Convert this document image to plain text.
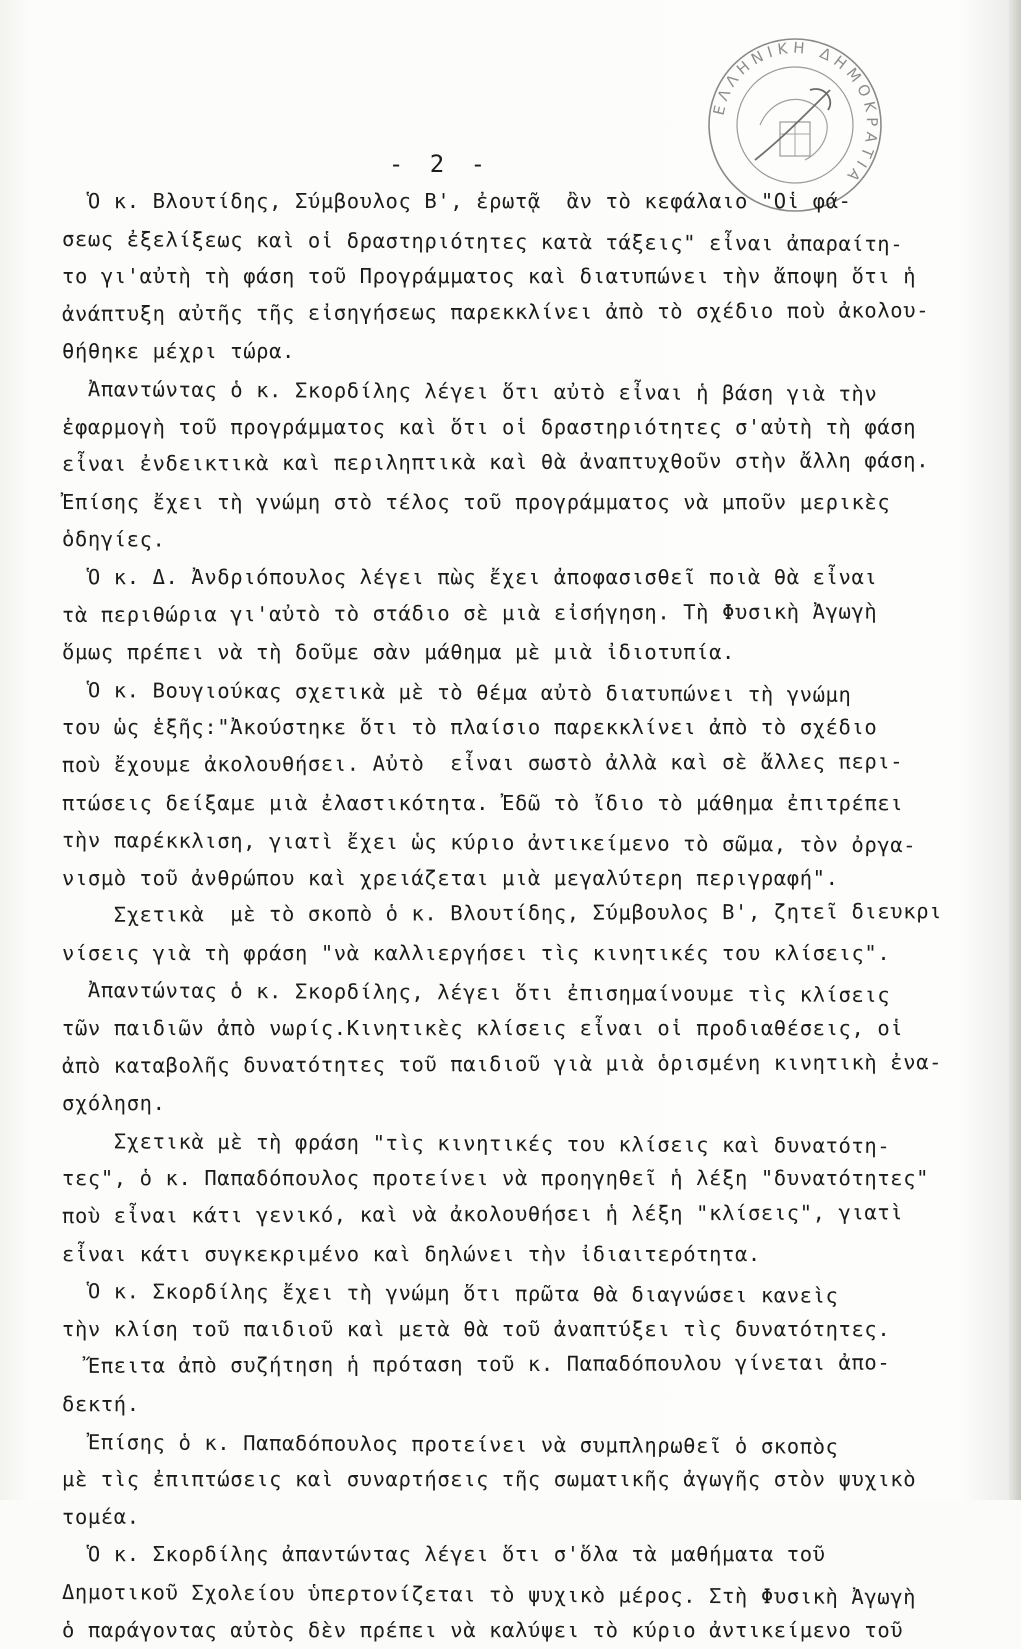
ΕΛΛΗΝΙΚΗ ΔΗΜΟΚΡΑΤΙΑ
- 2 -
Ὁ κ. Βλουτίδης, Σύμβουλος Β', ἐρωτᾷ  ἂν τὸ κεφάλαιο "Οἱ φά-
σεως ἐξελίξεως καὶ οἱ δραστηριότητες κατὰ τάξεις" εἶναι ἀπαραίτη-
το γι'αὐτὴ τὴ φάση τοῦ Προγράμματος καὶ διατυπώνει τὴν ἄποψη ὅτι ἡ
ἀνάπτυξη αὐτῆς τῆς εἰσηγήσεως παρεκκλίνει ἀπὸ τὸ σχέδιο ποὺ ἀκολου-
θήθηκε μέχρι τώρα.
Ἀπαντώντας ὁ κ. Σκορδίλης λέγει ὅτι αὐτὸ εἶναι ἡ βάση γιὰ τὴν
ἐφαρμογὴ τοῦ προγράμματος καὶ ὅτι οἱ δραστηριότητες σ'αὐτὴ τὴ φάση
εἶναι ἐνδεικτικὰ καὶ περιληπτικὰ καὶ θὰ ἀναπτυχθοῦν στὴν ἄλλη φάση.
Ἐπίσης ἔχει τὴ γνώμη στὸ τέλος τοῦ προγράμματος νὰ μποῦν μερικὲς
ὁδηγίες.
Ὁ κ. Δ. Ἀνδριόπουλος λέγει πὼς ἔχει ἀποφασισθεῖ ποιὰ θὰ εἶναι
τὰ περιθώρια γι'αὐτὸ τὸ στάδιο σὲ μιὰ εἰσήγηση. Τὴ Φυσικὴ Ἀγωγὴ
ὅμως πρέπει νὰ τὴ δοῦμε σὰν μάθημα μὲ μιὰ ἰδιοτυπία.
Ὁ κ. Βουγιούκας σχετικὰ μὲ τὸ θέμα αὐτὸ διατυπώνει τὴ γνώμη
του ὡς ἑξῆς:"Ἀκούστηκε ὅτι τὸ πλαίσιο παρεκκλίνει ἀπὸ τὸ σχέδιο
ποὺ ἔχουμε ἀκολουθήσει. Αὐτὸ  εἶναι σωστὸ ἀλλὰ καὶ σὲ ἄλλες περι-
πτώσεις δείξαμε μιὰ ἐλαστικότητα. Ἐδῶ τὸ ἴδιο τὸ μάθημα ἐπιτρέπει
τὴν παρέκκλιση, γιατὶ ἔχει ὡς κύριο ἀντικείμενο τὸ σῶμα, τὸν ὀργα-
νισμὸ τοῦ ἀνθρώπου καὶ χρειάζεται μιὰ μεγαλύτερη περιγραφή".
Σχετικὰ  μὲ τὸ σκοπὸ ὁ κ. Βλουτίδης, Σύμβουλος Β', ζητεῖ διευκρι
νίσεις γιὰ τὴ φράση "νὰ καλλιεργήσει τὶς κινητικές του κλίσεις".
Ἀπαντώντας ὁ κ. Σκορδίλης, λέγει ὅτι ἐπισημαίνουμε τὶς κλίσεις
τῶν παιδιῶν ἀπὸ νωρίς.Κινητικὲς κλίσεις εἶναι οἱ προδιαθέσεις, οἱ
ἀπὸ καταβολῆς δυνατότητες τοῦ παιδιοῦ γιὰ μιὰ ὁρισμένη κινητικὴ ἐνα-
σχόληση.
Σχετικὰ μὲ τὴ φράση "τὶς κινητικές του κλίσεις καὶ δυνατότη-
τες", ὁ κ. Παπαδόπουλος προτείνει νὰ προηγηθεῖ ἡ λέξη "δυνατότητες"
ποὺ εἶναι κάτι γενικό, καὶ νὰ ἀκολουθήσει ἡ λέξη "κλίσεις", γιατὶ
εἶναι κάτι συγκεκριμένο καὶ δηλώνει τὴν ἰδιαιτερότητα.
Ὁ κ. Σκορδίλης ἔχει τὴ γνώμη ὅτι πρῶτα θὰ διαγνώσει κανεὶς
τὴν κλίση τοῦ παιδιοῦ καὶ μετὰ θὰ τοῦ ἀναπτύξει τὶς δυνατότητες.
Ἔπειτα ἀπὸ συζήτηση ἡ πρόταση τοῦ κ. Παπαδόπουλου γίνεται ἀπο-
δεκτή.
Ἐπίσης ὁ κ. Παπαδόπουλος προτείνει νὰ συμπληρωθεῖ ὁ σκοπὸς
μὲ τὶς ἐπιπτώσεις καὶ συναρτήσεις τῆς σωματικῆς ἀγωγῆς στὸν ψυχικὸ
τομέα.
Ὁ κ. Σκορδίλης ἀπαντώντας λέγει ὅτι σ'ὅλα τὰ μαθήματα τοῦ
Δημοτικοῦ Σχολείου ὑπερτονίζεται τὸ ψυχικὸ μέρος. Στὴ Φυσικὴ Ἀγωγὴ
ὁ παράγοντας αὐτὸς δὲν πρέπει νὰ καλύψει τὸ κύριο ἀντικείμενο τοῦ
